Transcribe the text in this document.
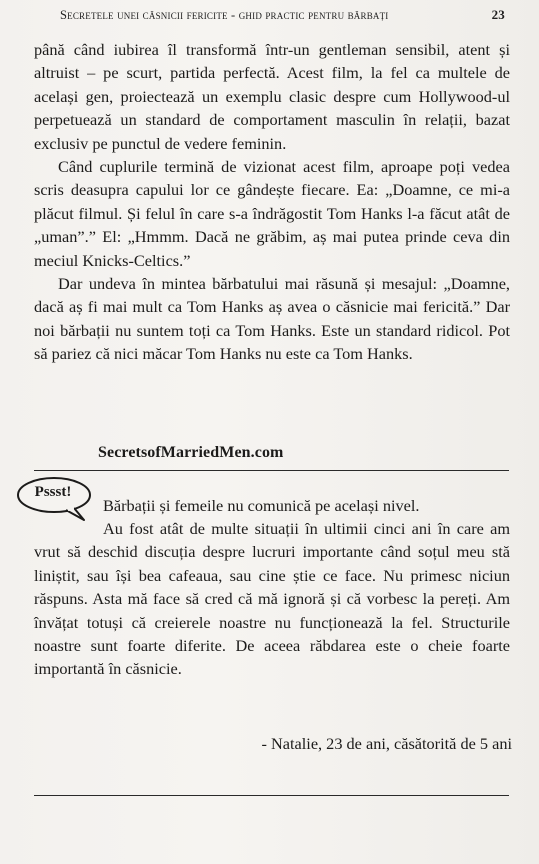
Secretele unei căsnicii fericite - ghid practic pentru bărbați	23

până când iubirea îl transformă într-un gentleman sensibil, atent și altruist – pe scurt, partida perfectă. Acest film, la fel ca multele de același gen, proiectează un exemplu clasic despre cum Hollywood-ul perpetuează un standard de comportament masculin în relații, bazat exclusiv pe punctul de vedere feminin.

Când cuplurile termină de vizionat acest film, aproape poți vedea scris deasupra capului lor ce gândește fiecare. Ea: „Doamne, ce mi-a plăcut filmul. Și felul în care s-a îndrăgostit Tom Hanks l-a făcut atât de „uman”.” El: „Hmmm. Dacă ne grăbim, aș mai putea prinde ceva din meciul Knicks-Celtics.”

Dar undeva în mintea bărbatului mai răsună și mesajul: „Doamne, dacă aș fi mai mult ca Tom Hanks aș avea o căsnicie mai fericită.” Dar noi bărbații nu suntem toți ca Tom Hanks. Este un standard ridicol. Pot să pariez că nici măcar Tom Hanks nu este ca Tom Hanks.

SecretsofMarriedMen.com
Pssst!
Bărbații și femeile nu comunică pe același nivel.

Au fost atât de multe situații în ultimii cinci ani în care am vrut să deschid discuția despre lucruri importante când soțul meu stă liniștit, sau își bea cafeaua, sau cine știe ce face. Nu primesc niciun răspuns. Asta mă face să cred că mă ignoră și că vorbesc la pereți. Am învățat totuși că creierele noastre nu funcționează la fel. Structurile noastre sunt foarte diferite. De aceea răbdarea este o cheie foarte importantă în căsnicie.

- Natalie, 23 de ani, căsătorită de 5 ani
